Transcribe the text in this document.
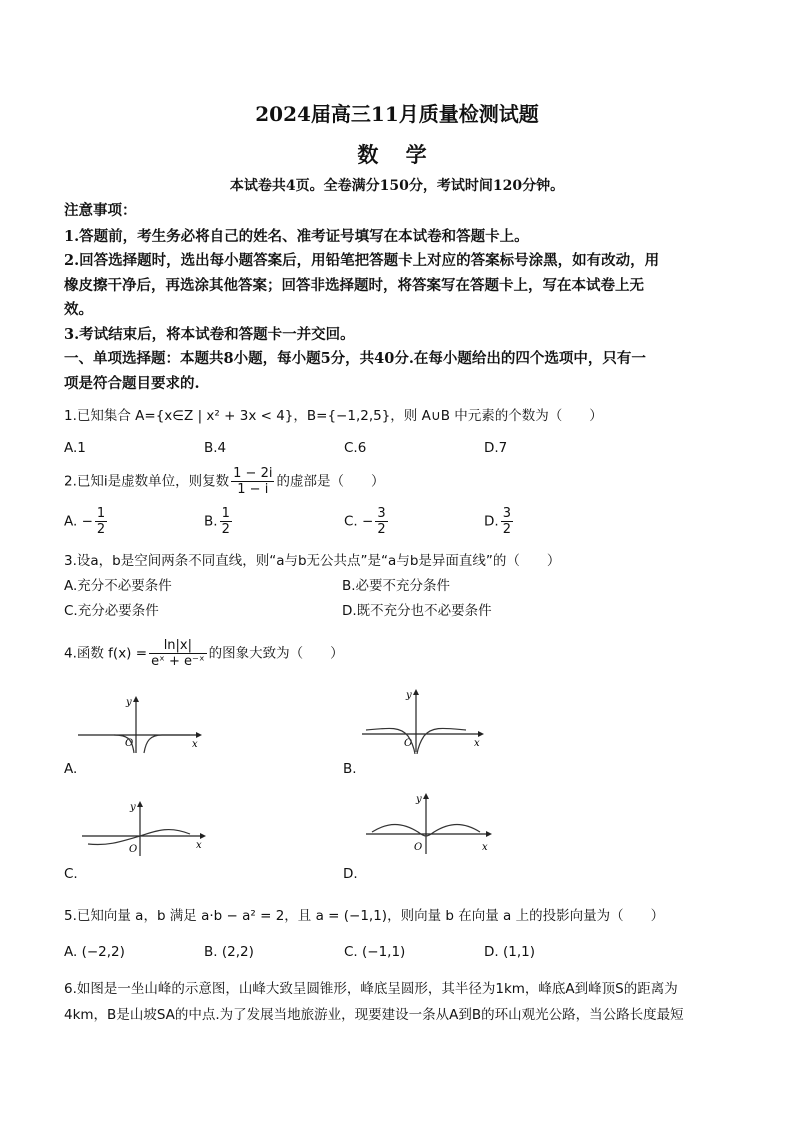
2024届高三11月质量检测试题
数 学
本试卷共4页。全卷满分150分，考试时间120分钟。
注意事项：
1.答题前，考生务必将自己的姓名、准考证号填写在本试卷和答题卡上。
2.回答选择题时，选出每小题答案后，用铅笔把答题卡上对应的答案标号涂黑，如有改动，用
橡皮擦干净后，再选涂其他答案；回答非选择题时，将答案写在答题卡上，写在本试卷上无
效。
3.考试结束后，将本试卷和答题卡一并交回。
一、单项选择题：本题共8小题，每小题5分，共40分.在每小题给出的四个选项中，只有一
项是符合题目要求的.
1.已知集合 A={x∈Z | x² + 3x < 4}，B={−1,2,5}，则 A∪B 中元素的个数为（　　）
A.1	B.4	C.6	D.7
2.已知i是虚数单位，则复数 $\frac{1 - 2i}{1 - i}$ 的虚部是（　　）
A. − $\frac{1}{2}$	B. $\frac{1}{2}$	C. − $\frac{3}{2}$	D. $\frac{3}{2}$
3.设a，b是空间两条不同直线，则“a与b无公共点”是“a与b是异面直线”的（　　）
A.充分不必要条件	B.必要不充分条件
C.充分必要条件	D.既不充分也不必要条件
4.函数 $f(x) = \frac{\ln|x|}{\text{eˣ + e⁻ˣ}}$ 的图象大致为（　　）
y
x
O
A.
y
x
O
B.
y
x
O
C.
y
x
O
D.
5.已知向量 a，b 满足 a·b − a² = 2，且 a = (−1,1)，则向量 b 在向量 a 上的投影向量为（　　）
A. (−2,2)	B. (2,2)	C. (−1,1)	D. (1,1)
6.如图是一坐山峰的示意图，山峰大致呈圆锥形，峰底呈圆形，其半径为1km，峰底A到峰顶S的距离为
4km，B是山坡SA的中点.为了发展当地旅游业，现要建设一条从A到B的环山观光公路，当公路长度最短
